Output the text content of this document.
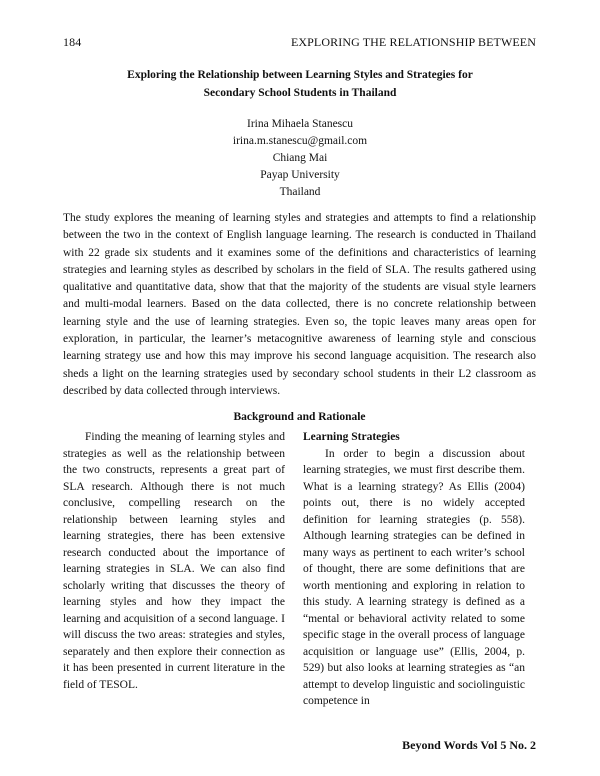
184	EXPLORING THE RELATIONSHIP BETWEEN
Exploring the Relationship between Learning Styles and Strategies for
Secondary School Students in Thailand
Irina Mihaela Stanescu
irina.m.stanescu@gmail.com
Chiang Mai
Payap University
Thailand

The study explores the meaning of learning styles and strategies and attempts to find a relationship between the two in the context of English language learning. The research is conducted in Thailand with 22 grade six students and it examines some of the definitions and characteristics of learning strategies and learning styles as described by scholars in the field of SLA. The results gathered using qualitative and quantitative data, show that that the majority of the students are visual style learners and multi-modal learners. Based on the data collected, there is no concrete relationship between learning style and the use of learning strategies. Even so, the topic leaves many areas open for exploration, in particular, the learner’s metacognitive awareness of learning style and conscious learning strategy use and how this may improve his second language acquisition. The research also sheds a light on the learning strategies used by secondary school students in their L2 classroom as described by data collected through interviews.

Background and Rationale

Finding the meaning of learning styles and strategies as well as the relationship between the two constructs, represents a great part of SLA research. Although there is not much conclusive, compelling research on the relationship between learning styles and learning strategies, there has been extensive research conducted about the importance of learning strategies in SLA. We can also find scholarly writing that discusses the theory of learning styles and how they impact the learning and acquisition of a second language. I will discuss the two areas: strategies and styles, separately and then explore their connection as it has been presented in current literature in the field of TESOL.

Learning Strategies

In order to begin a discussion about learning strategies, we must first describe them. What is a learning strategy? As Ellis (2004) points out, there is no widely accepted definition for learning strategies (p. 558). Although learning strategies can be defined in many ways as pertinent to each writer’s school of thought, there are some definitions that are worth mentioning and exploring in relation to this study. A learning strategy is defined as a “mental or behavioral activity related to some specific stage in the overall process of language acquisition or language use” (Ellis, 2004, p. 529) but also looks at learning strategies as “an attempt to develop linguistic and sociolinguistic competence in

Beyond Words Vol 5 No. 2
